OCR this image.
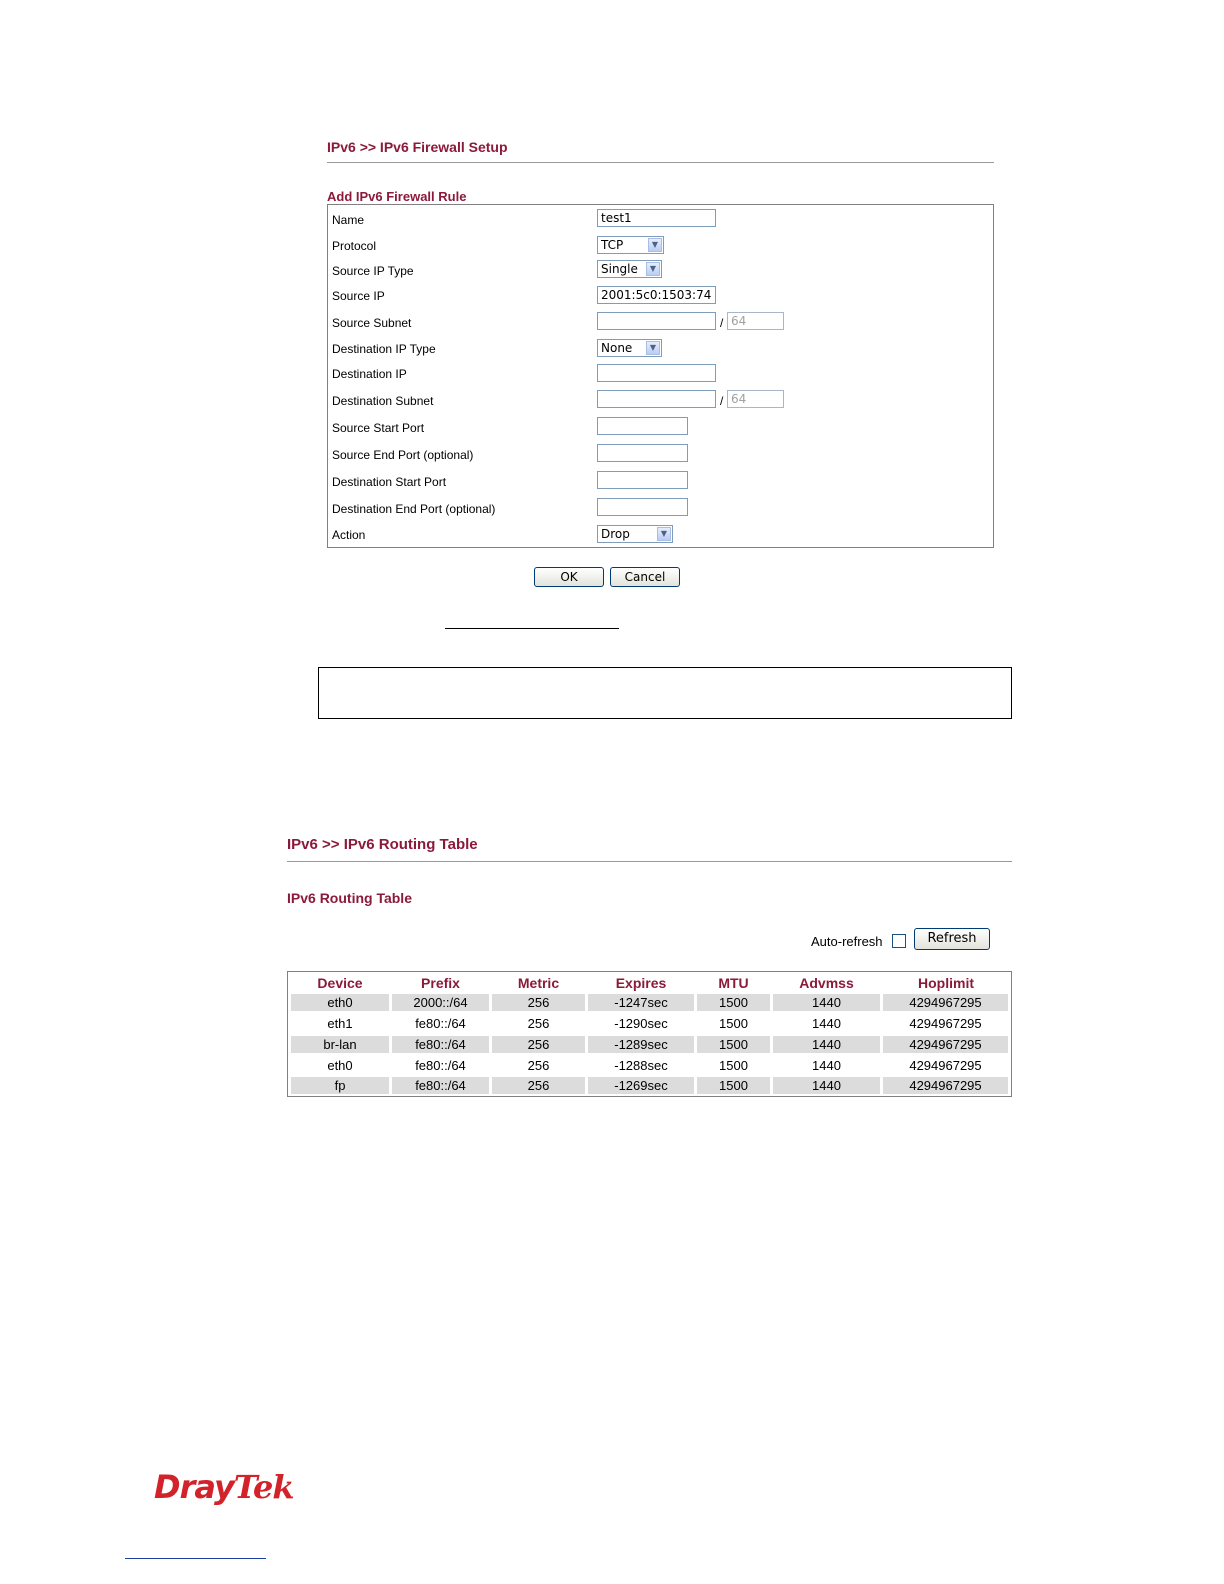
IPv6 >> IPv6 Firewall Setup
Add IPv6 Firewall Rule
Name	test1
Protocol	TCP	▼
Source IP Type	Single	▼
Source IP	2001:5c0:1503:74
Source Subnet	/ 64
Destination IP Type	None	▼
Destination IP
Destination Subnet	/ 64
Source Start Port
Source End Port (optional)
Destination Start Port
Destination End Port (optional)
Action	Drop	▼
OK	Cancel
IPv6 >> IPv6 Routing Table
IPv6 Routing Table
Auto-refresh	Refresh
Device	Prefix	Metric	Expires	MTU	Advmss	Hoplimit
eth0	2000::/64	256	-1247sec	1500	1440	4294967295
eth1	fe80::/64	256	-1290sec	1500	1440	4294967295
br-lan	fe80::/64	256	-1289sec	1500	1440	4294967295
eth0	fe80::/64	256	-1288sec	1500	1440	4294967295
fp	fe80::/64	256	-1269sec	1500	1440	4294967295
DrayTek
